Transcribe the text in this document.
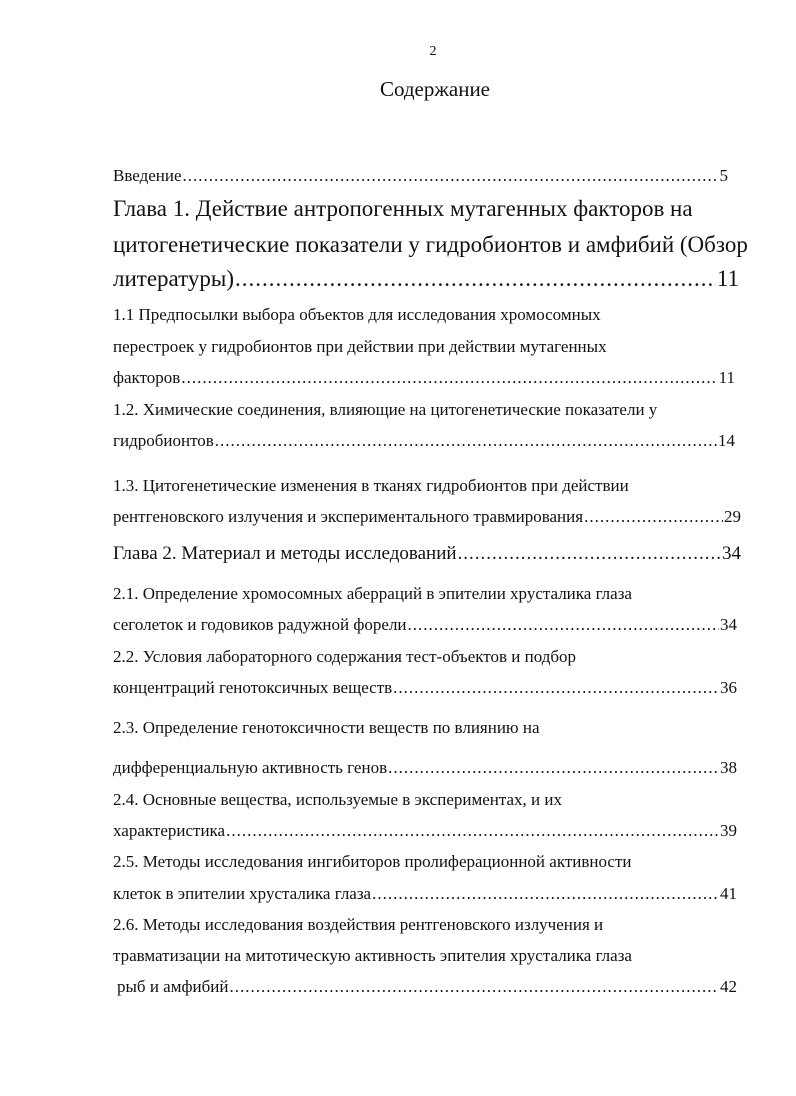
2
Содержание
Введение .....	5
Глава 1. Действие антропогенных мутагенных факторов на
цитогенетические показатели у гидробионтов и амфибий (Обзор
литературы) .....	11
1.1 Предпосылки выбора объектов для исследования хромосомных
перестроек у гидробионтов при действии при действии мутагенных
факторов .....	11
1.2. Химические соединения, влияющие на цитогенетические показатели у
гидробионтов .....	14
1.3. Цитогенетические изменения в тканях гидробионтов при действии
рентгеновского излучения и экспериментального травмирования .....	29
Глава 2. Материал и методы исследований .....	34
2.1. Определение хромосомных аберраций в эпителии хрусталика глаза
сеголеток и годовиков радужной форели .....	34
2.2. Условия лабораторного содержания тест-объектов и подбор
концентраций генотоксичных веществ .....	36
2.3. Определение генотоксичности веществ по влиянию на
дифференциальную активность генов .....	38
2.4. Основные вещества, используемые в экспериментах, и их
характеристика .....	39
2.5. Методы исследования ингибиторов пролиферационной активности
клеток в эпителии хрусталика глаза .....	41
2.6. Методы исследования воздействия рентгеновского излучения и
травматизации на митотическую активность эпителия хрусталика глаза
рыб и амфибий .....	42
